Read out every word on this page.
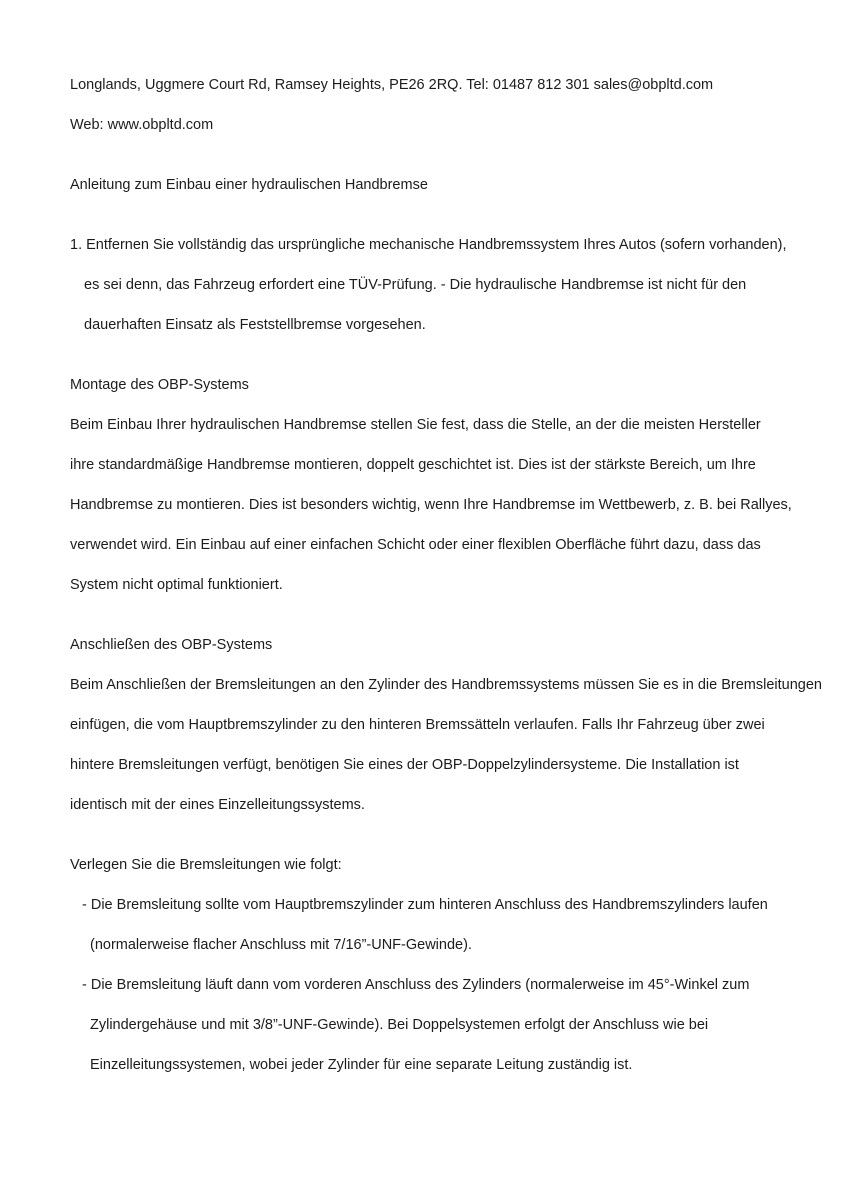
Longlands, Uggmere Court Rd, Ramsey Heights, PE26 2RQ. Tel: 01487 812 301 sales@obpltd.com
Web: www.obpltd.com
Anleitung zum Einbau einer hydraulischen Handbremse
1. Entfernen Sie vollständig das ursprüngliche mechanische Handbremssystem Ihres Autos (sofern vorhanden),
es sei denn, das Fahrzeug erfordert eine TÜV-Prüfung. - Die hydraulische Handbremse ist nicht für den
dauerhaften Einsatz als Feststellbremse vorgesehen.
Montage des OBP-Systems
Beim Einbau Ihrer hydraulischen Handbremse stellen Sie fest, dass die Stelle, an der die meisten Hersteller
ihre standardmäßige Handbremse montieren, doppelt geschichtet ist. Dies ist der stärkste Bereich, um Ihre
Handbremse zu montieren. Dies ist besonders wichtig, wenn Ihre Handbremse im Wettbewerb, z. B. bei Rallyes,
verwendet wird. Ein Einbau auf einer einfachen Schicht oder einer flexiblen Oberfläche führt dazu, dass das
System nicht optimal funktioniert.
Anschließen des OBP-Systems
Beim Anschließen der Bremsleitungen an den Zylinder des Handbremssystems müssen Sie es in die Bremsleitungen
einfügen, die vom Hauptbremszylinder zu den hinteren Bremssätteln verlaufen. Falls Ihr Fahrzeug über zwei
hintere Bremsleitungen verfügt, benötigen Sie eines der OBP-Doppelzylindersysteme. Die Installation ist
identisch mit der eines Einzelleitungssystems.
Verlegen Sie die Bremsleitungen wie folgt:
- Die Bremsleitung sollte vom Hauptbremszylinder zum hinteren Anschluss des Handbremszylinders laufen
(normalerweise flacher Anschluss mit 7/16”-UNF-Gewinde).
- Die Bremsleitung läuft dann vom vorderen Anschluss des Zylinders (normalerweise im 45°-Winkel zum
Zylindergehäuse und mit 3/8”-UNF-Gewinde). Bei Doppelsystemen erfolgt der Anschluss wie bei
Einzelleitungssystemen, wobei jeder Zylinder für eine separate Leitung zuständig ist.
